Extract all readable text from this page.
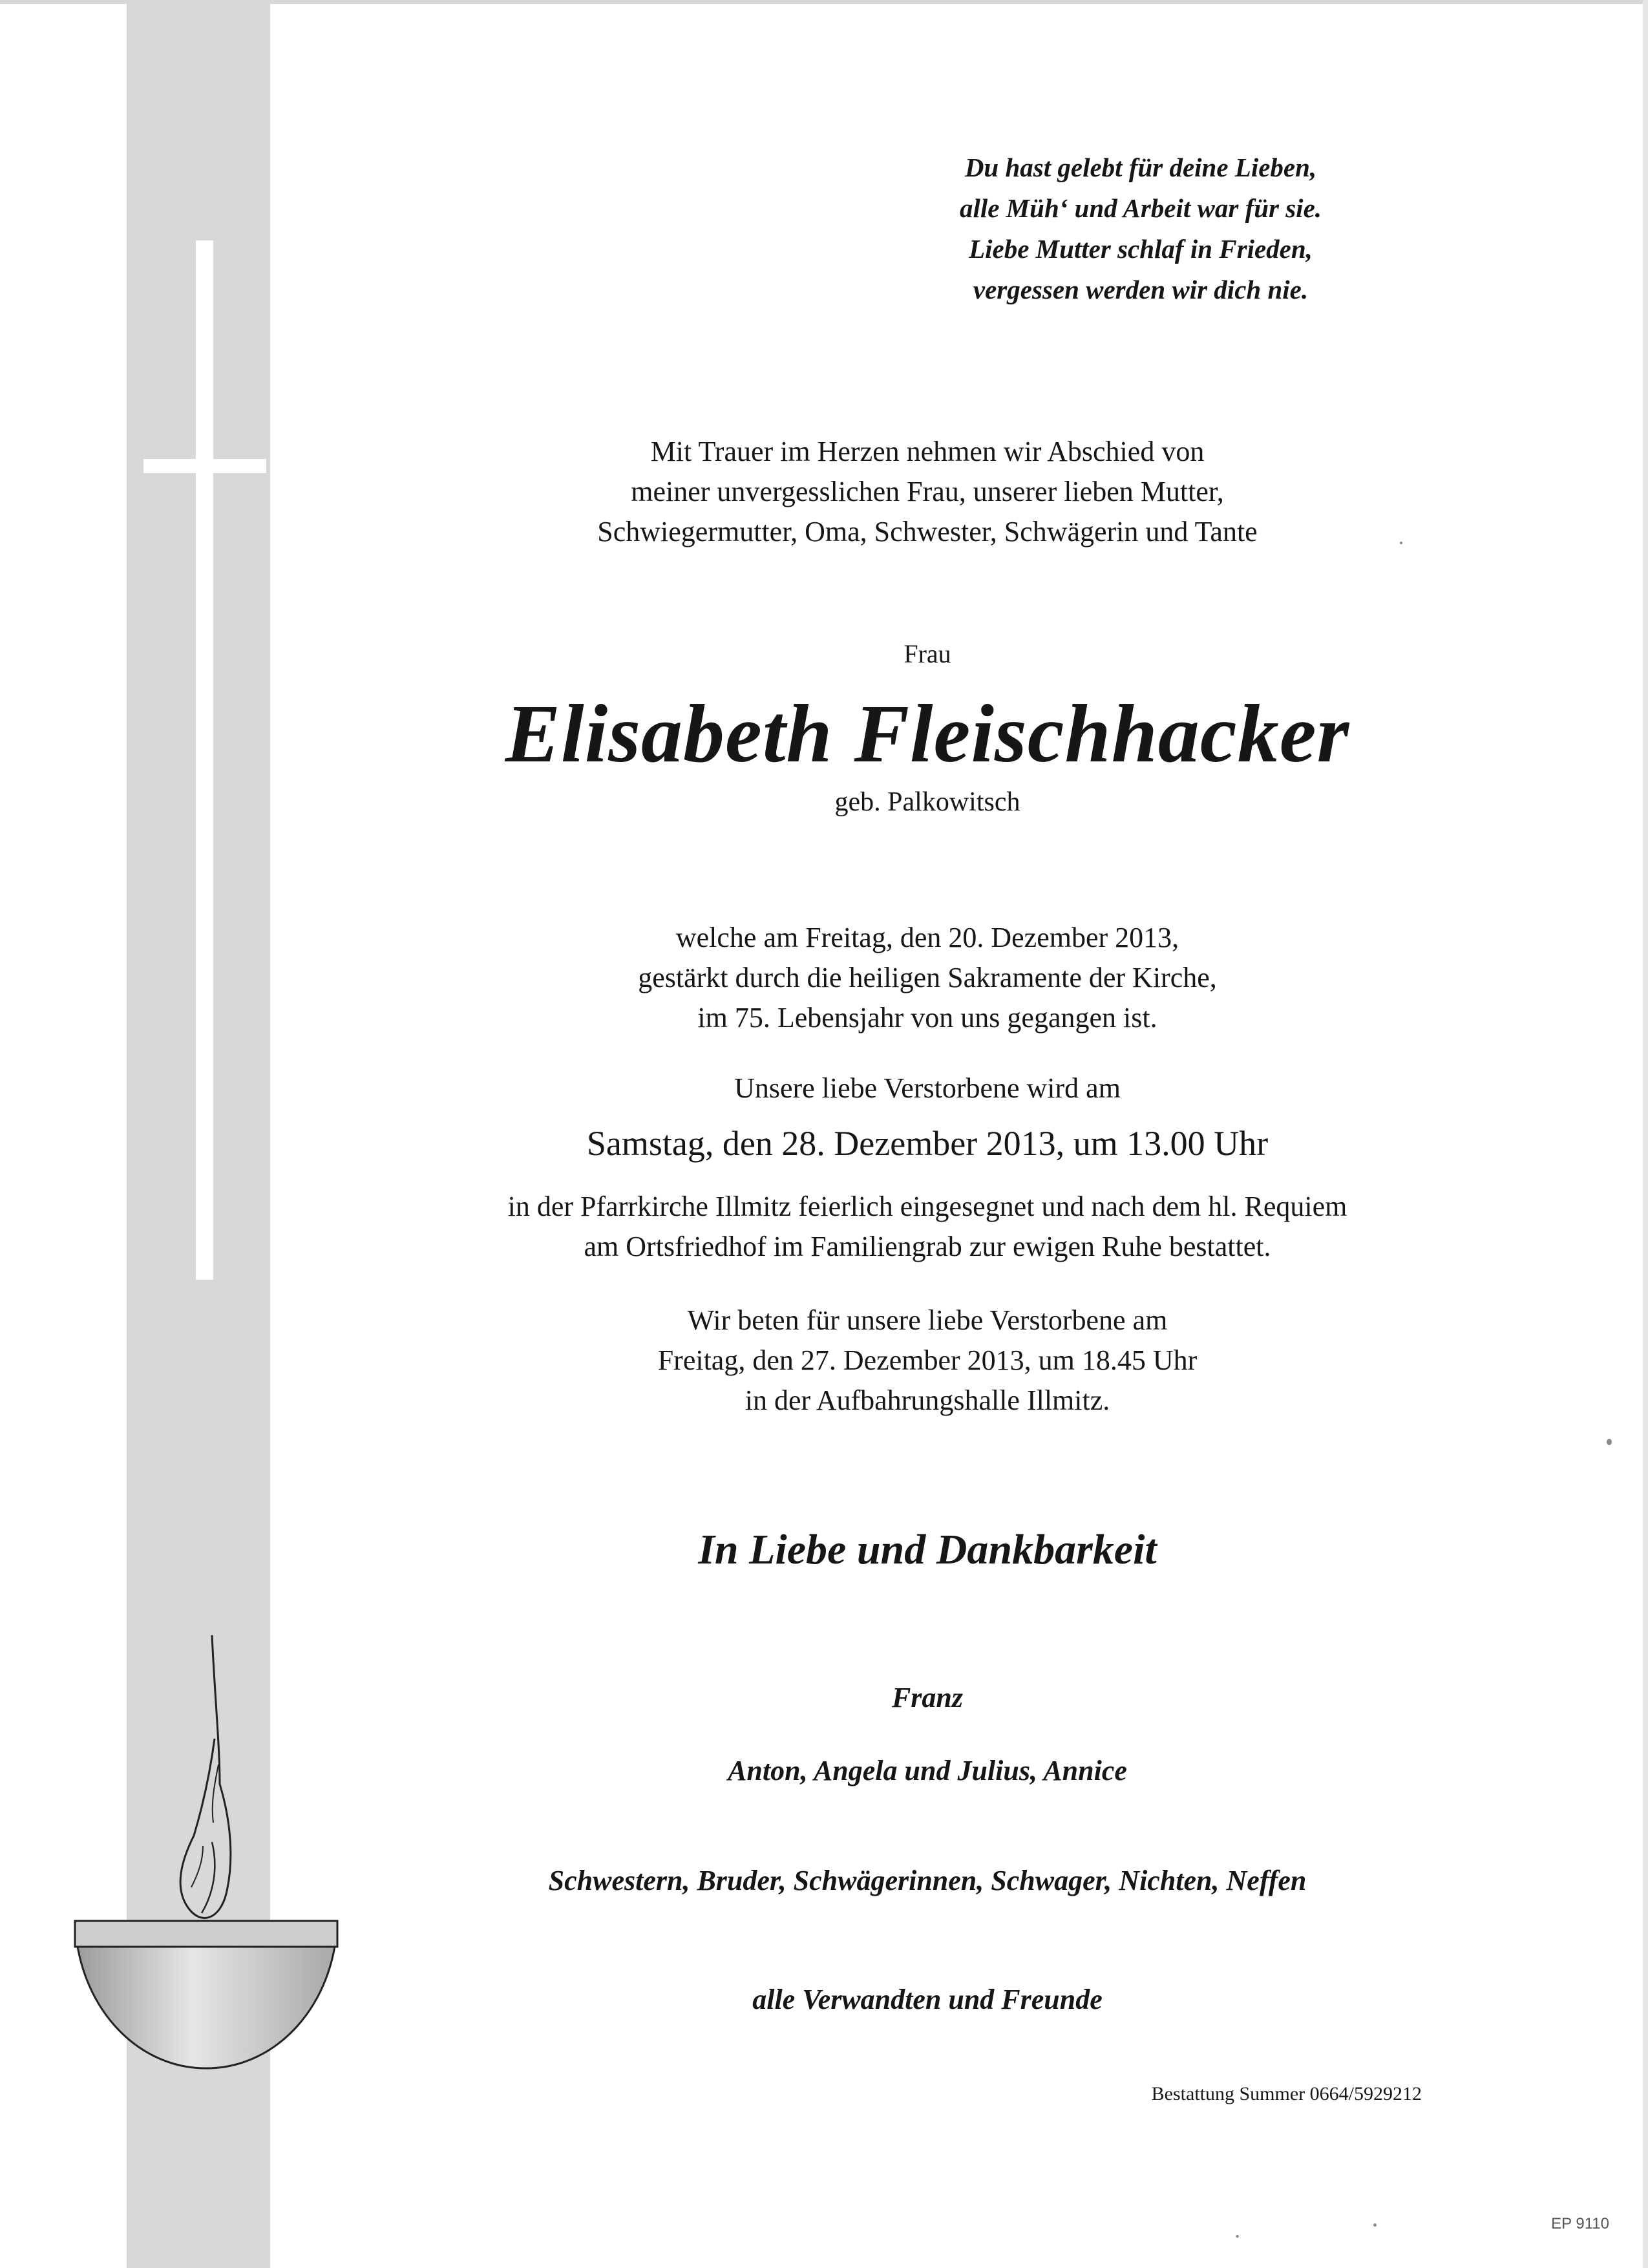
Du hast gelebt für deine Lieben,
alle Müh‘ und Arbeit war für sie.
Liebe Mutter schlaf in Frieden,
vergessen werden wir dich nie.
Mit Trauer im Herzen nehmen wir Abschied von
meiner unvergesslichen Frau, unserer lieben Mutter,
Schwiegermutter, Oma, Schwester, Schwägerin und Tante
Frau
Elisabeth Fleischhacker
geb. Palkowitsch
welche am Freitag, den 20. Dezember 2013,
gestärkt durch die heiligen Sakramente der Kirche,
im 75. Lebensjahr von uns gegangen ist.
Unsere liebe Verstorbene wird am
Samstag, den 28. Dezember 2013, um 13.00 Uhr
in der Pfarrkirche Illmitz feierlich eingesegnet und nach dem hl. Requiem
am Ortsfriedhof im Familiengrab zur ewigen Ruhe bestattet.
Wir beten für unsere liebe Verstorbene am
Freitag, den 27. Dezember 2013, um 18.45 Uhr
in der Aufbahrungshalle Illmitz.
In Liebe und Dankbarkeit
Franz
Anton, Angela und Julius, Annice
Schwestern, Bruder, Schwägerinnen, Schwager, Nichten, Neffen
alle Verwandten und Freunde
Bestattung Summer 0664/5929212
EP 9110
